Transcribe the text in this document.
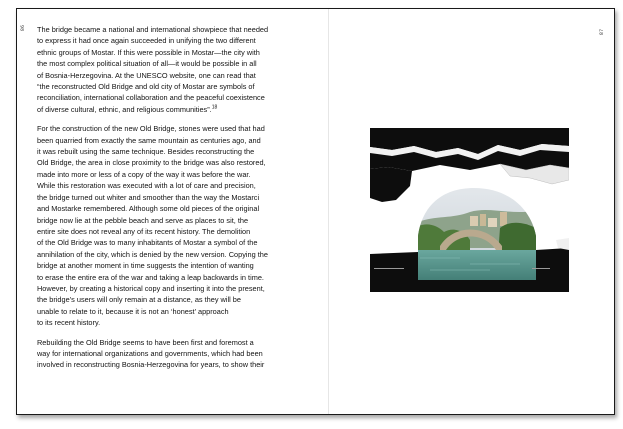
86
87

The bridge became a national and international showpiece that needed
to express it had once again succeeded in unifying the two different
ethnic groups of Mostar. If this were possible in Mostar—the city with
the most complex political situation of all—it would be possible in all
of Bosnia-Herzegovina. At the UNESCO website, one can read that
“the reconstructed Old Bridge and old city of Mostar are symbols of
reconciliation, international collaboration and the peaceful coexistence
of diverse cultural, ethnic, and religious communities”.$^{18}$

For the construction of the new Old Bridge, stones were used that had
been quarried from exactly the same mountain as centuries ago, and
it was rebuilt using the same technique. Besides reconstructing the
Old Bridge, the area in close proximity to the bridge was also restored,
made into more or less of a copy of the way it was before the war.
While this restoration was executed with a lot of care and precision,
the bridge turned out whiter and smoother than the way the Mostarci
and Mostarke remembered. Although some old pieces of the original
bridge now lie at the pebble beach and serve as places to sit, the
entire site does not reveal any of its recent history. The demolition
of the Old Bridge was to many inhabitants of Mostar a symbol of the
annihilation of the city, which is denied by the new version. Copying the
bridge at another moment in time suggests the intention of wanting
to erase the entire era of the war and taking a leap backwards in time.
However, by creating a historical copy and inserting it into the present,
the bridge’s users will only remain at a distance, as they will be
unable to relate to it, because it is not an ‘honest’ approach
to its recent history.

Rebuilding the Old Bridge seems to have been first and foremost a
way for international organizations and governments, which had been
involved in reconstructing Bosnia-Herzegovina for years, to show their
